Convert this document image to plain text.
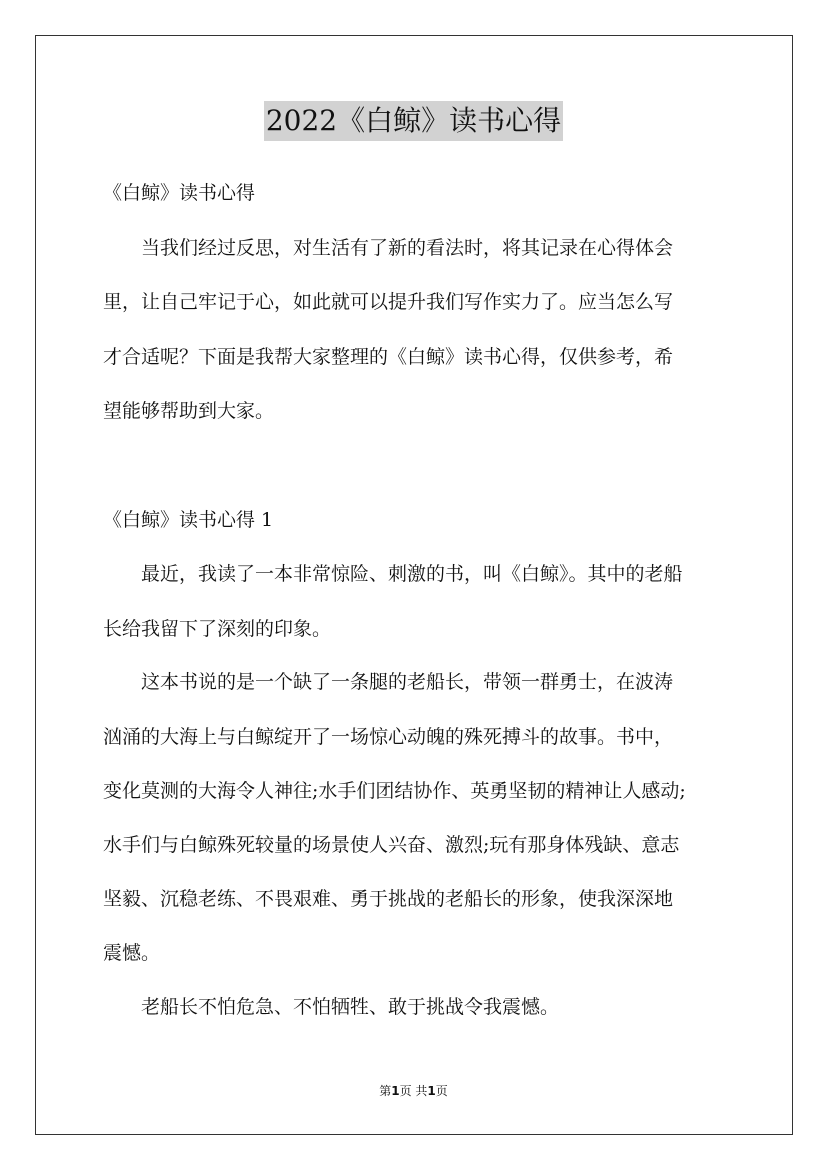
2022《白鲸》读书心得
《白鲸》读书心得
　　当我们经过反思，对生活有了新的看法时，将其记录在心得体会
里，让自己牢记于心，如此就可以提升我们写作实力了。应当怎么写
才合适呢？下面是我帮大家整理的《白鲸》读书心得，仅供参考，希
望能够帮助到大家。
《白鲸》读书心得 1
　　最近，我读了一本非常惊险、刺激的书，叫《白鲸》。其中的老船
长给我留下了深刻的印象。
　　这本书说的是一个缺了一条腿的老船长，带领一群勇士，在波涛
汹涌的大海上与白鲸绽开了一场惊心动魄的殊死搏斗的故事。书中，
变化莫测的大海令人神往;水手们团结协作、英勇坚韧的精神让人感动;
水手们与白鲸殊死较量的场景使人兴奋、激烈;玩有那身体残缺、意志
坚毅、沉稳老练、不畏艰难、勇于挑战的老船长的形象，使我深深地
震憾。
　　老船长不怕危急、不怕牺牲、敢于挑战令我震憾。
第1页 共1页
